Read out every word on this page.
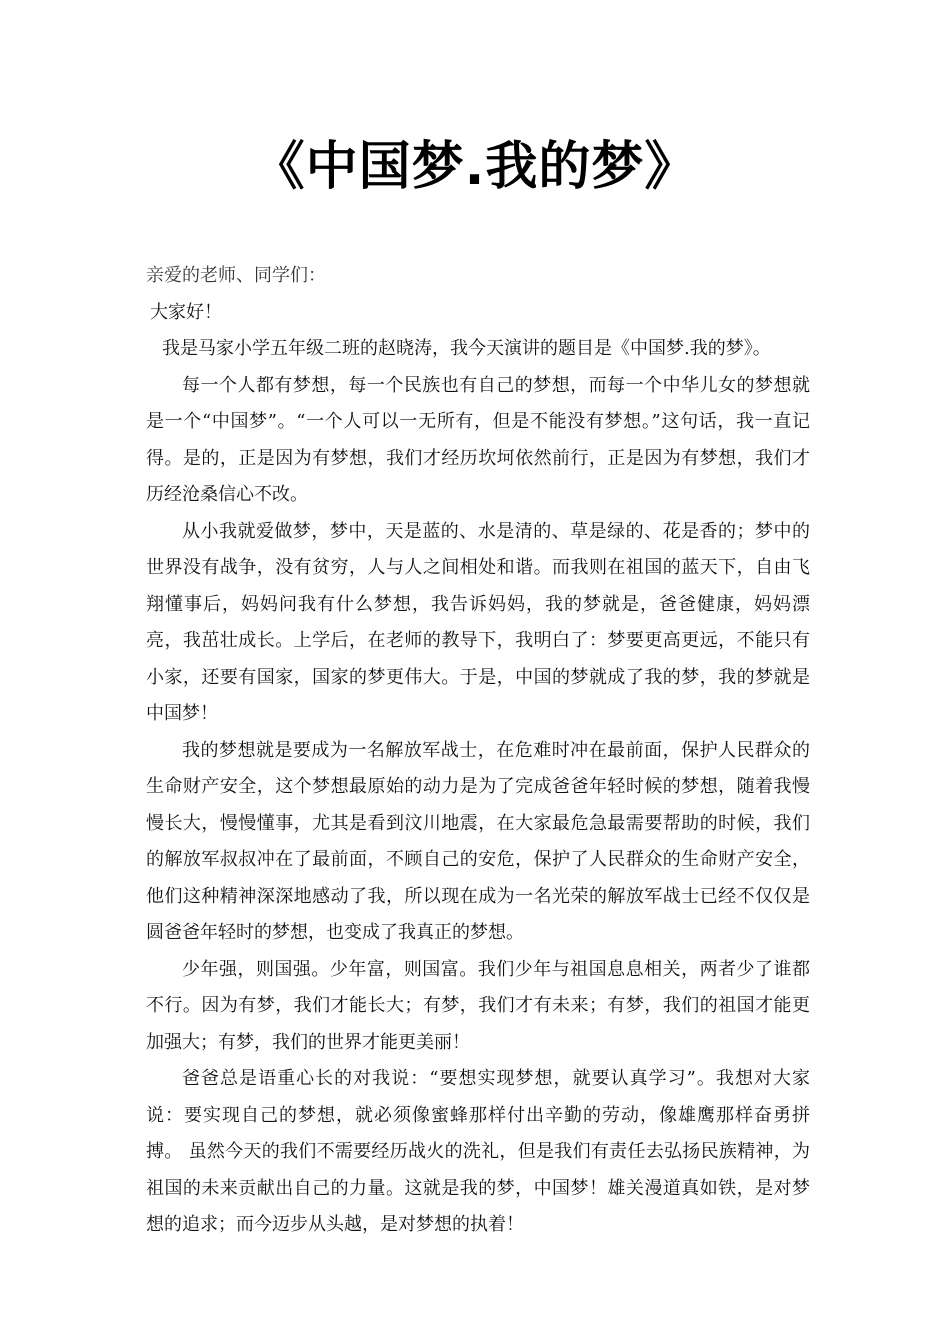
《中国梦.我的梦》

亲爱的老师、同学们：

大家好！

我是马家小学五年级二班的赵晓涛，我今天演讲的题目是《中国梦.我的梦》。

每一个人都有梦想，每一个民族也有自己的梦想，而每一个中华儿女的梦想就是一个“中国梦”。“一个人可以一无所有，但是不能没有梦想。”这句话，我一直记得。是的，正是因为有梦想，我们才经历坎坷依然前行，正是因为有梦想，我们才历经沧桑信心不改。

从小我就爱做梦，梦中，天是蓝的、水是清的、草是绿的、花是香的；梦中的世界没有战争，没有贫穷，人与人之间相处和谐。而我则在祖国的蓝天下，自由飞翔懂事后，妈妈问我有什么梦想，我告诉妈妈，我的梦就是，爸爸健康，妈妈漂亮，我茁壮成长。上学后，在老师的教导下，我明白了：梦要更高更远，不能只有小家，还要有国家，国家的梦更伟大。于是，中国的梦就成了我的梦，我的梦就是中国梦！

我的梦想就是要成为一名解放军战士，在危难时冲在最前面，保护人民群众的生命财产安全，这个梦想最原始的动力是为了完成爸爸年轻时候的梦想，随着我慢慢长大，慢慢懂事，尤其是看到汶川地震，在大家最危急最需要帮助的时候，我们的解放军叔叔冲在了最前面，不顾自己的安危，保护了人民群众的生命财产安全，他们这种精神深深地感动了我，所以现在成为一名光荣的解放军战士已经不仅仅是圆爸爸年轻时的梦想，也变成了我真正的梦想。

少年强，则国强。少年富，则国富。我们少年与祖国息息相关，两者少了谁都不行。因为有梦，我们才能长大；有梦，我们才有未来；有梦，我们的祖国才能更加强大；有梦，我们的世界才能更美丽！

爸爸总是语重心长的对我说：“要想实现梦想，就要认真学习”。我想对大家说：要实现自己的梦想，就必须像蜜蜂那样付出辛勤的劳动，像雄鹰那样奋勇拼搏。 虽然今天的我们不需要经历战火的洗礼，但是我们有责任去弘扬民族精神，为祖国的未来贡献出自己的力量。这就是我的梦，中国梦！雄关漫道真如铁，是对梦想的追求；而今迈步从头越，是对梦想的执着！
